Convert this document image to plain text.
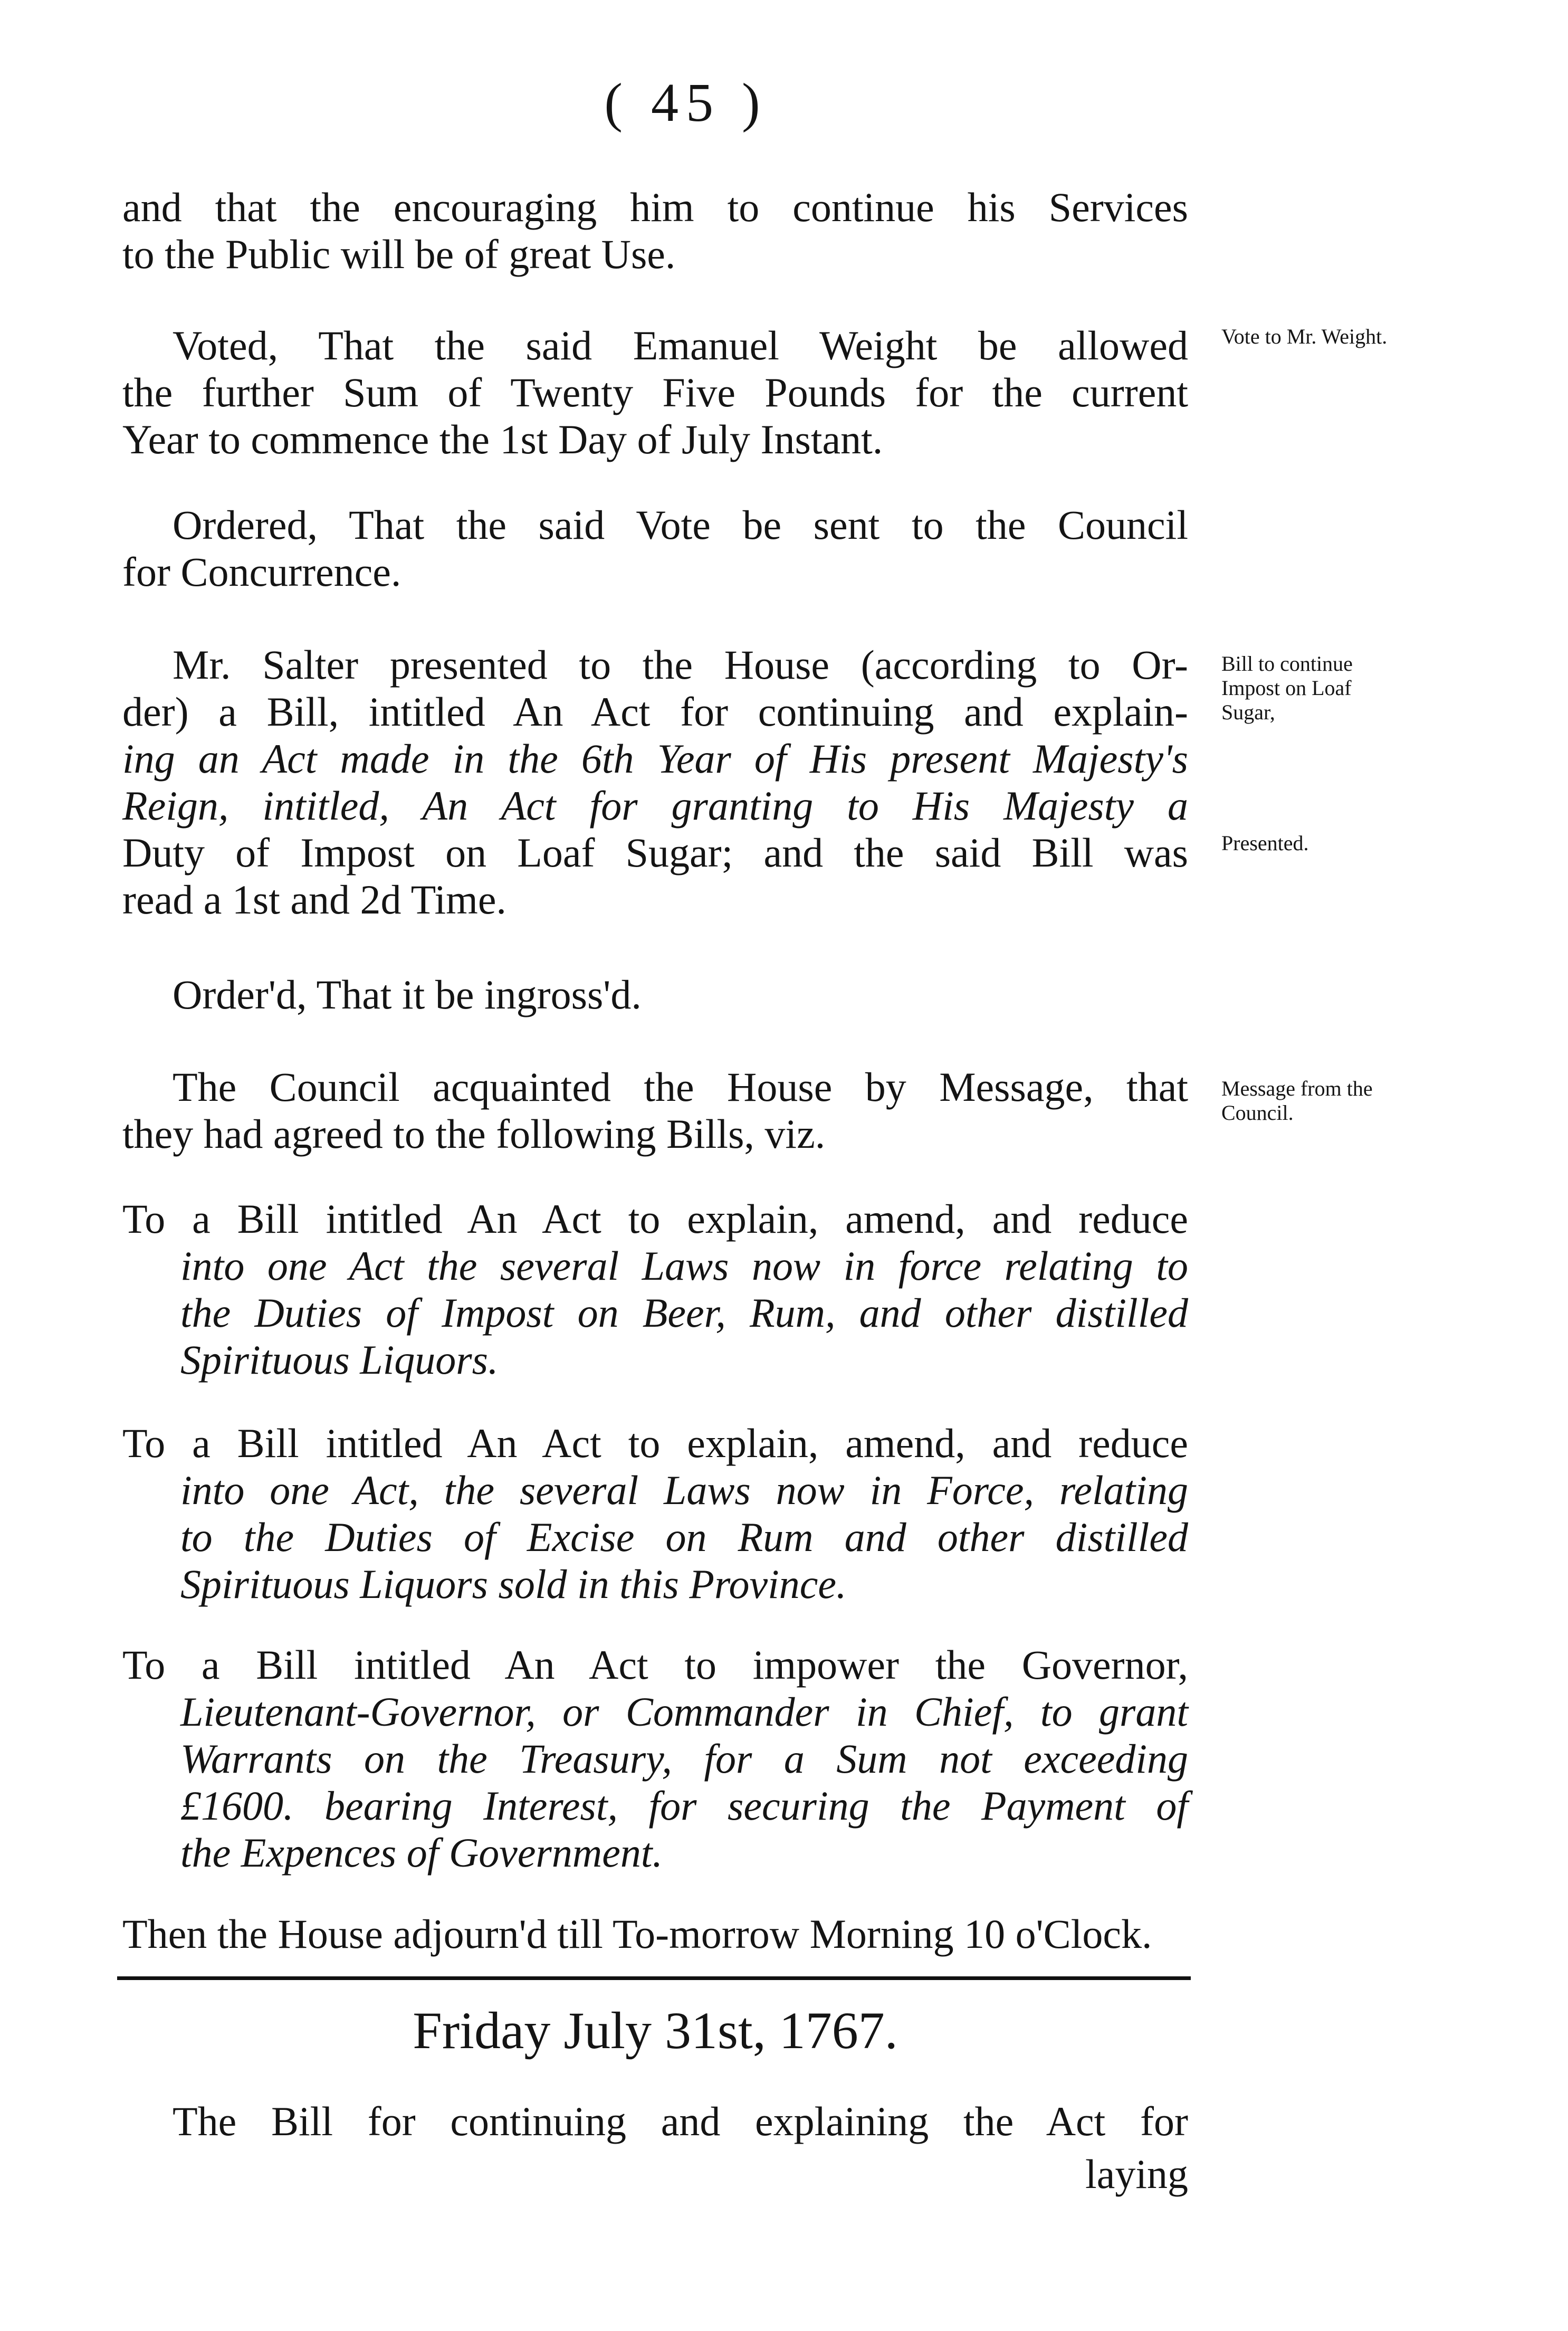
( 45 )

and that the encouraging him to continue his Services
to the Public will be of great Use.

Voted, That the said Emanuel Weight be allowed
the further Sum of Twenty Five Pounds for the current
Year to commence the 1st Day of July Instant.

Ordered, That the said Vote be sent to the Council
for Concurrence.

Mr. Salter presented to the House (according to Or-
der) a Bill, intitled An Act for continuing and explain-
ing an Act made in the 6th Year of His present Majesty's
Reign, intitled, An Act for granting to His Majesty a
Duty of Impost on Loaf Sugar; and the said Bill was
read a 1st and 2d Time.

Order'd, That it be ingross'd.

The Council acquainted the House by Message, that
they had agreed to the following Bills, viz.

To a Bill intitled An Act to explain, amend, and reduce
into one Act the several Laws now in force relating to
the Duties of Impost on Beer, Rum, and other distilled
Spirituous Liquors.

To a Bill intitled An Act to explain, amend, and reduce
into one Act, the several Laws now in Force, relating
to the Duties of Excise on Rum and other distilled
Spirituous Liquors sold in this Province.

To a Bill intitled An Act to impower the Governor,
Lieutenant-Governor, or Commander in Chief, to grant
Warrants on the Treasury, for a Sum not exceeding
£1600. bearing Interest, for securing the Payment of
the Expences of Government.

Then the House adjourn'd till To-morrow Morning 10 o'Clock.

Vote to Mr. Weight.
Bill to continue
Impost on Loaf
Sugar,
Presented.
Message from the
Council.
Friday July 31st, 1767.

The Bill for continuing and explaining the Act for

laying
